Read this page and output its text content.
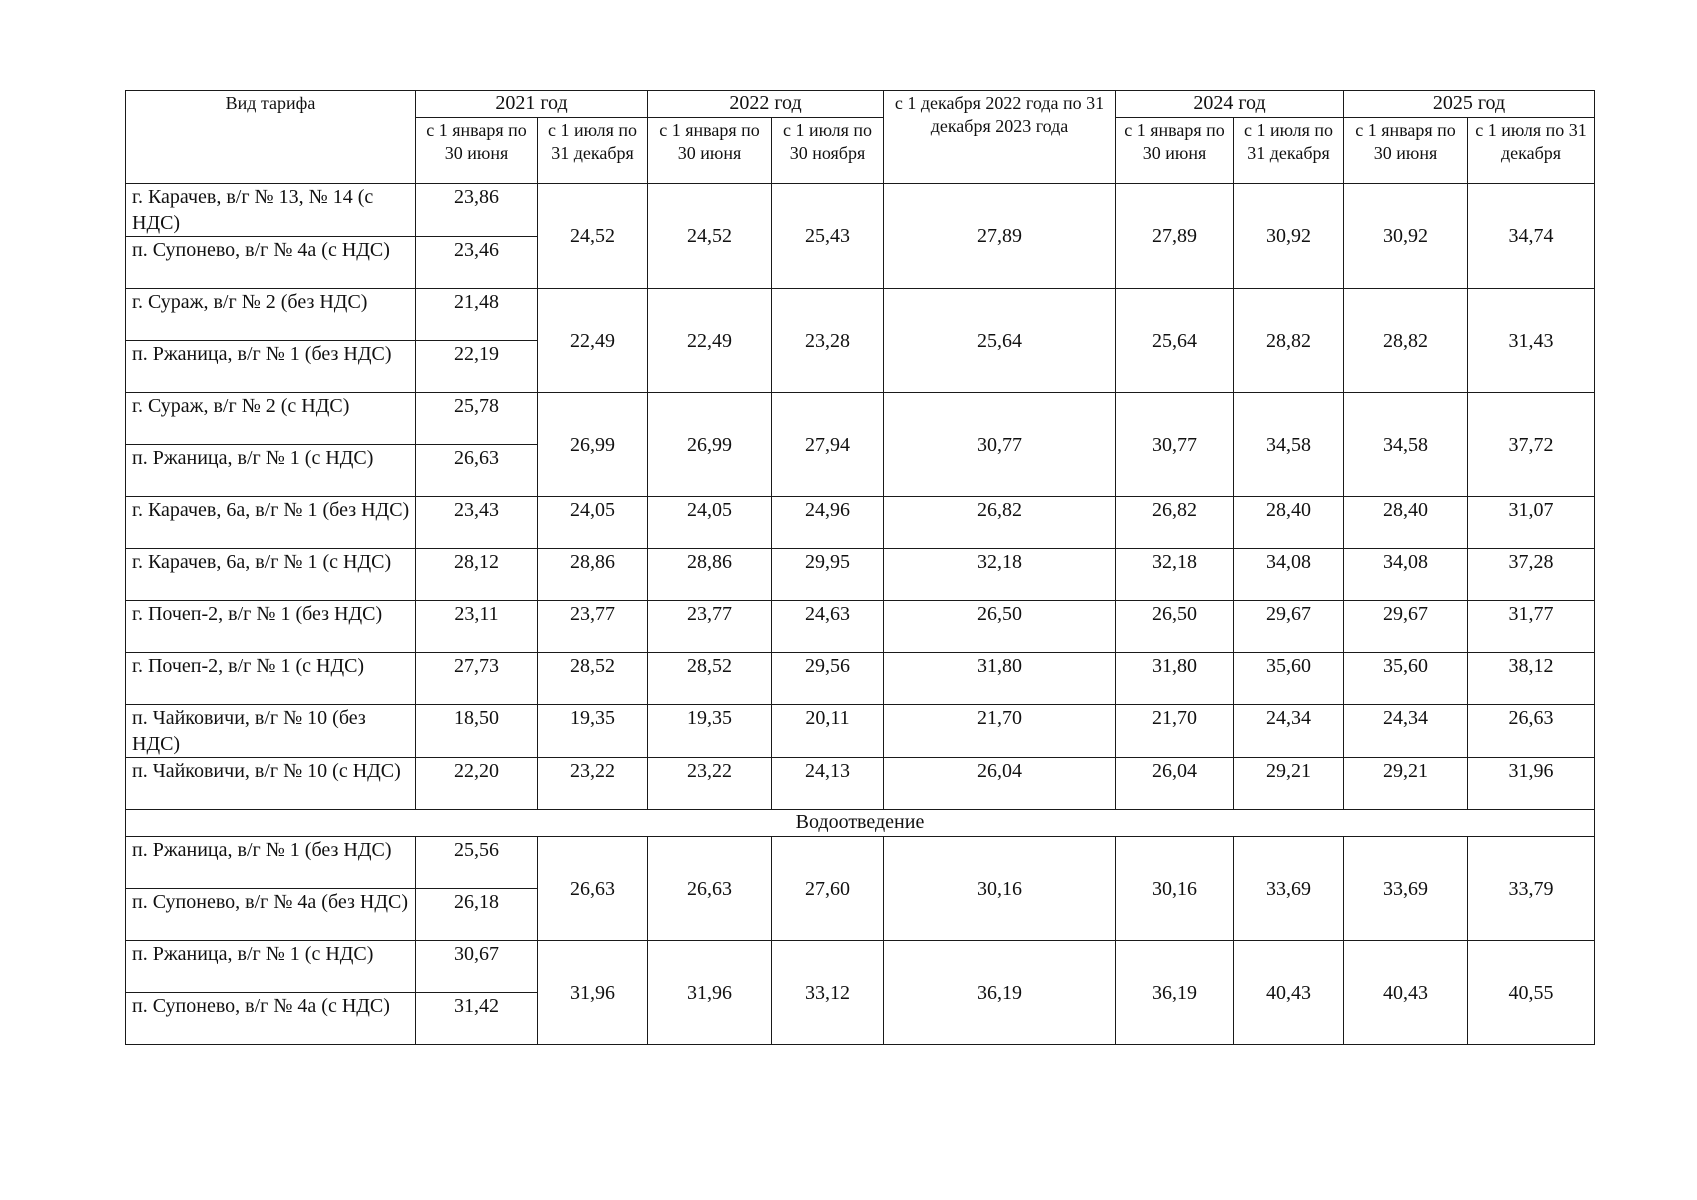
Вид тарифа	2021 год		2022 год		с 1 декабря 2022 года по 31 декабря 2023 года	2024 год		2025 год	
	с 1 января по 30 июня	с 1 июля по 31 декабря	с 1 января по 30 июня	с 1 июля по 30 ноября		с 1 января по 30 июня	с 1 июля по 31 декабря	с 1 января по 30 июня	с 1 июля по 31 декабря
г. Карачев, в/г № 13, № 14 (с НДС)	23,86	24,52	24,52	25,43	27,89	27,89	30,92	30,92	34,74
п. Супонево, в/г № 4а (с НДС)	23,46								
г. Сураж, в/г № 2 (без НДС)	21,48	22,49	22,49	23,28	25,64	25,64	28,82	28,82	31,43
п. Ржаница, в/г № 1 (без НДС)	22,19								
г. Сураж, в/г № 2 (с НДС)	25,78	26,99	26,99	27,94	30,77	30,77	34,58	34,58	37,72
п. Ржаница, в/г № 1 (с НДС)	26,63								
г. Карачев, 6а, в/г № 1 (без НДС)	23,43	24,05	24,05	24,96	26,82	26,82	28,40	28,40	31,07
г. Карачев, 6а, в/г № 1 (с НДС)	28,12	28,86	28,86	29,95	32,18	32,18	34,08	34,08	37,28
г. Почеп-2, в/г № 1 (без НДС)	23,11	23,77	23,77	24,63	26,50	26,50	29,67	29,67	31,77
г. Почеп-2, в/г № 1 (с НДС)	27,73	28,52	28,52	29,56	31,80	31,80	35,60	35,60	38,12
п. Чайковичи, в/г № 10 (без НДС)	18,50	19,35	19,35	20,11	21,70	21,70	24,34	24,34	26,63
п. Чайковичи, в/г № 10 (с НДС)	22,20	23,22	23,22	24,13	26,04	26,04	29,21	29,21	31,96
Водоотведение									
п. Ржаница, в/г № 1 (без НДС)	25,56	26,63	26,63	27,60	30,16	30,16	33,69	33,69	33,79
п. Супонево, в/г № 4а (без НДС)	26,18								
п. Ржаница, в/г № 1 (с НДС)	30,67	31,96	31,96	33,12	36,19	36,19	40,43	40,43	40,55
п. Супонево, в/г № 4а (с НДС)	31,42								
